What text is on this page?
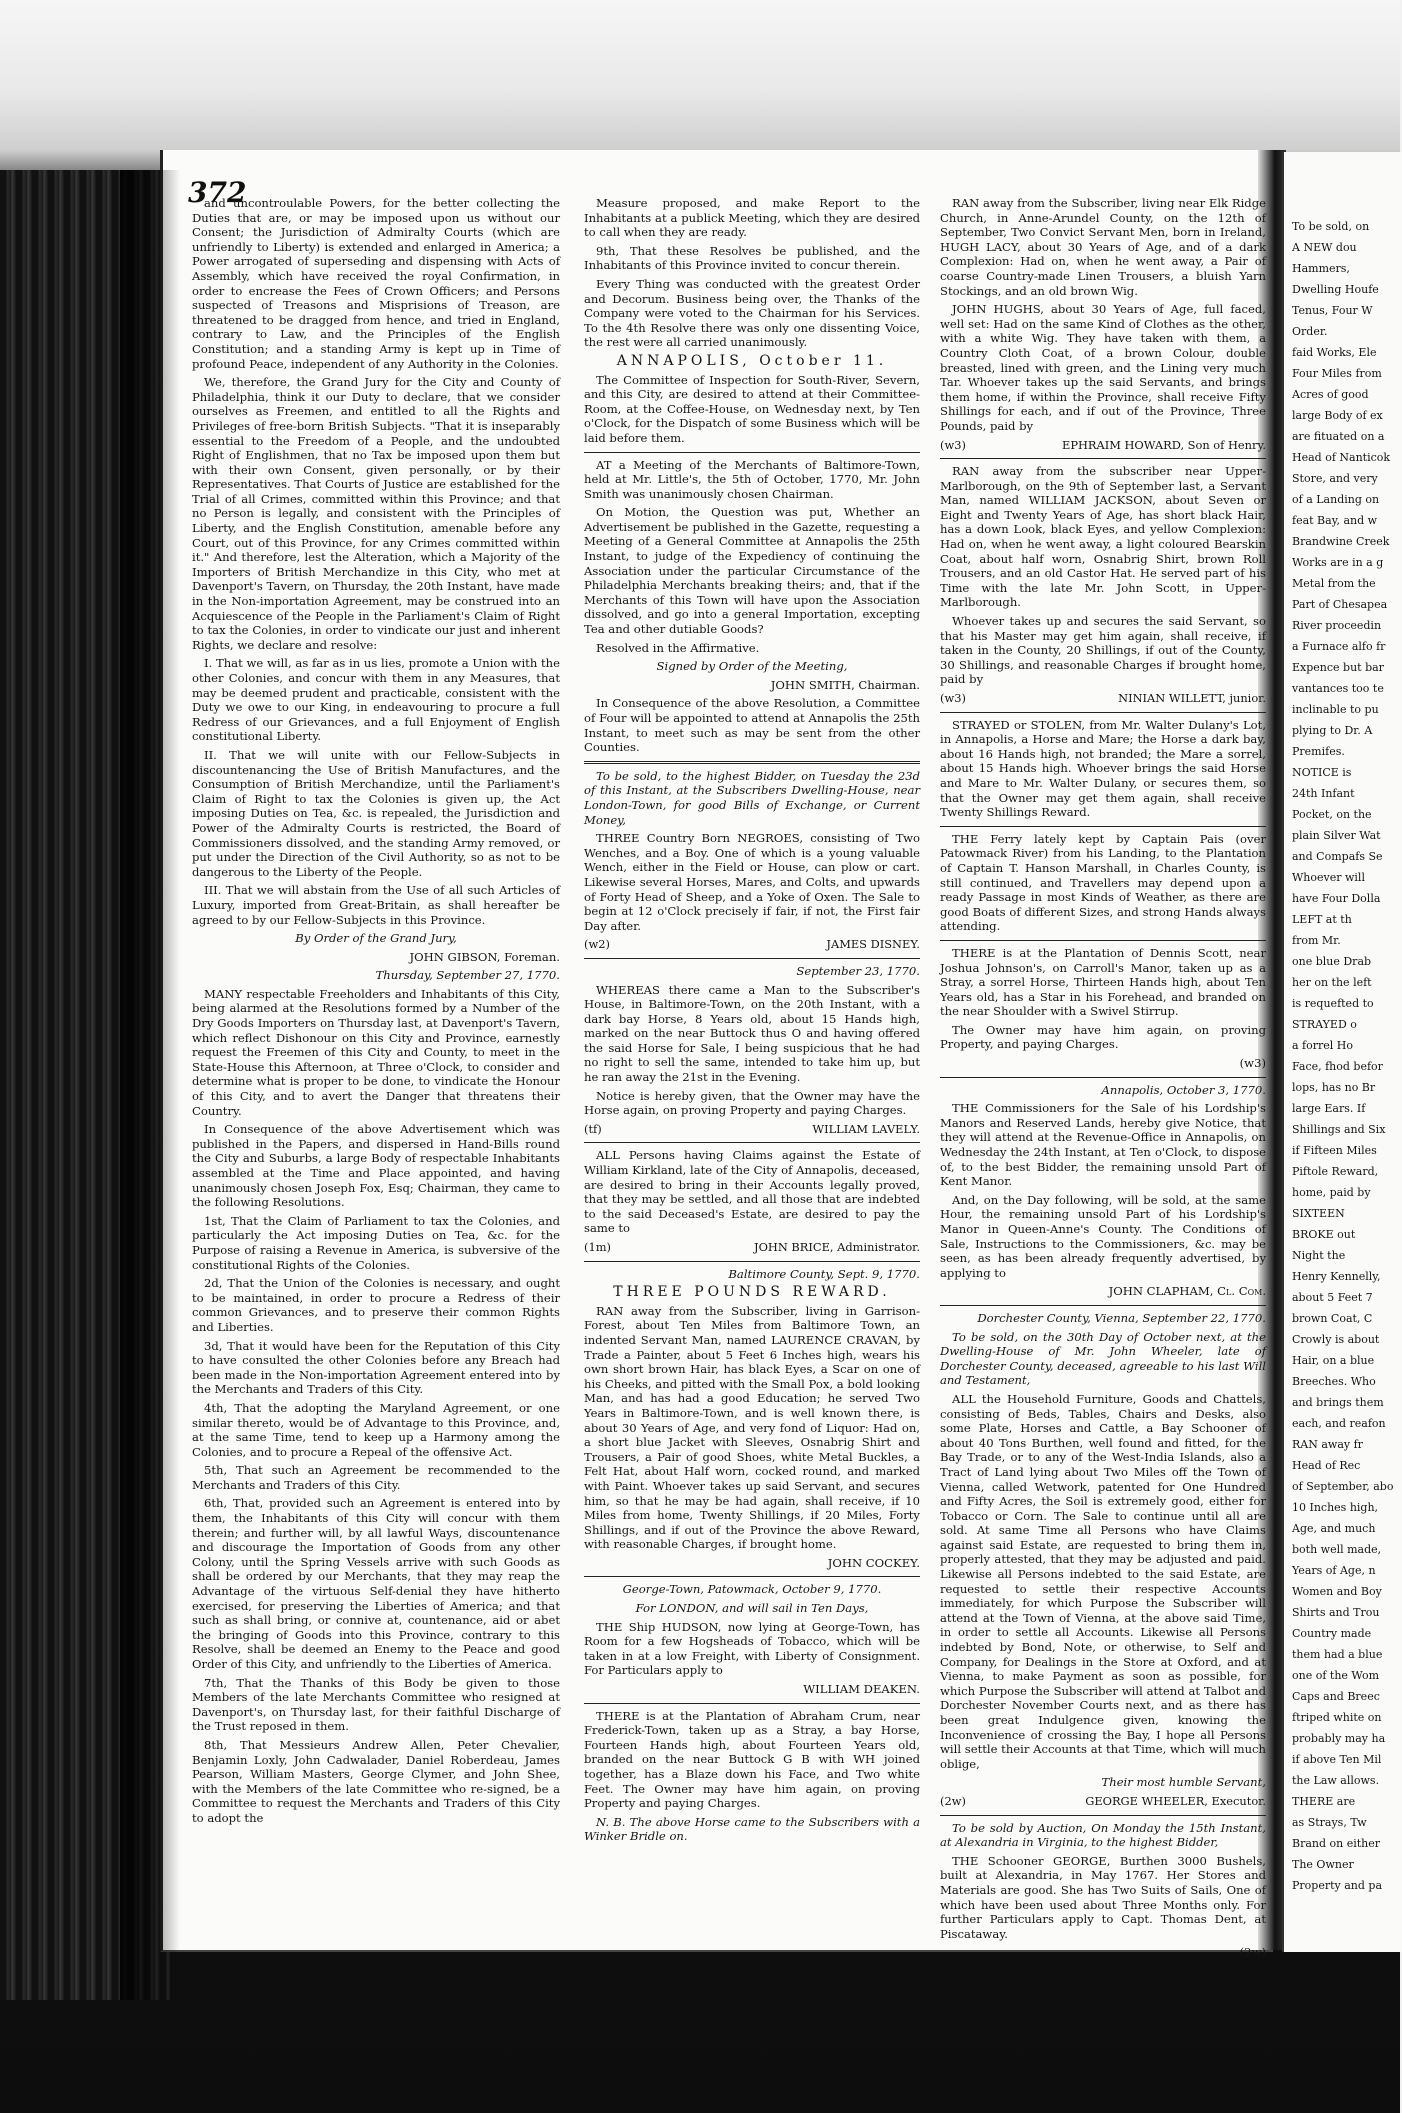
372

and uncontroulable Powers, for the better collecting the Duties that are, or may be imposed upon us without our Consent; the Jurisdiction of Admiralty Courts (which are unfriendly to Liberty) is extended and enlarged in America; a Power arrogated of superseding and dispensing with Acts of Assembly, which have received the royal Confirmation, in order to encrease the Fees of Crown Officers; and Persons suspected of Treasons and Misprisions of Treason, are threatened to be dragged from hence, and tried in England, contrary to Law, and the Principles of the English Constitution; and a standing Army is kept up in Time of profound Peace, independent of any Authority in the Colonies.

We, therefore, the Grand Jury for the City and County of Philadelphia, think it our Duty to declare, that we consider ourselves as Freemen, and entitled to all the Rights and Privileges of free-born British Subjects. "That it is inseparably essential to the Freedom of a People, and the undoubted Right of Englishmen, that no Tax be imposed upon them but with their own Consent, given personally, or by their Representatives. That Courts of Justice are established for the Trial of all Crimes, committed within this Province; and that no Person is legally, and consistent with the Principles of Liberty, and the English Constitution, amenable before any Court, out of this Province, for any Crimes committed within it." And therefore, lest the Alteration, which a Majority of the Importers of British Merchandize in this City, who met at Davenport's Tavern, on Thursday, the 20th Instant, have made in the Non-importation Agreement, may be construed into an Acquiescence of the People in the Parliament's Claim of Right to tax the Colonies, in order to vindicate our just and inherent Rights, we declare and resolve:

I. That we will, as far as in us lies, promote a Union with the other Colonies, and concur with them in any Measures, that may be deemed prudent and practicable, consistent with the Duty we owe to our King, in endeavouring to procure a full Redress of our Grievances, and a full Enjoyment of English constitutional Liberty.

II. That we will unite with our Fellow-Subjects in discountenancing the Use of British Manufactures, and the Consumption of British Merchandize, until the Parliament's Claim of Right to tax the Colonies is given up, the Act imposing Duties on Tea, &c. is repealed, the Jurisdiction and Power of the Admiralty Courts is restricted, the Board of Commissioners dissolved, and the standing Army removed, or put under the Direction of the Civil Authority, so as not to be dangerous to the Liberty of the People.

III. That we will abstain from the Use of all such Articles of Luxury, imported from Great-Britain, as shall hereafter be agreed to by our Fellow-Subjects in this Province.

By Order of the Grand Jury,

JOHN GIBSON, Foreman.

Thursday, September 27, 1770.

MANY respectable Freeholders and Inhabitants of this City, being alarmed at the Resolutions formed by a Number of the Dry Goods Importers on Thursday last, at Davenport's Tavern, which reflect Dishonour on this City and Province, earnestly request the Freemen of this City and County, to meet in the State-House this Afternoon, at Three o'Clock, to consider and determine what is proper to be done, to vindicate the Honour of this City, and to avert the Danger that threatens their Country.

In Consequence of the above Advertisement which was published in the Papers, and dispersed in Hand-Bills round the City and Suburbs, a large Body of respectable Inhabitants assembled at the Time and Place appointed, and having unanimously chosen Joseph Fox, Esq; Chairman, they came to the following Resolutions.

1st, That the Claim of Parliament to tax the Colonies, and particularly the Act imposing Duties on Tea, &c. for the Purpose of raising a Revenue in America, is subversive of the constitutional Rights of the Colonies.

2d, That the Union of the Colonies is necessary, and ought to be maintained, in order to procure a Redress of their common Grievances, and to preserve their common Rights and Liberties.

3d, That it would have been for the Reputation of this City to have consulted the other Colonies before any Breach had been made in the Non-importation Agreement entered into by the Merchants and Traders of this City.

4th, That the adopting the Maryland Agreement, or one similar thereto, would be of Advantage to this Province, and, at the same Time, tend to keep up a Harmony among the Colonies, and to procure a Repeal of the offensive Act.

5th, That such an Agreement be recommended to the Merchants and Traders of this City.

6th, That, provided such an Agreement is entered into by them, the Inhabitants of this City will concur with them therein; and further will, by all lawful Ways, discountenance and discourage the Importation of Goods from any other Colony, until the Spring Vessels arrive with such Goods as shall be ordered by our Merchants, that they may reap the Advantage of the virtuous Self-denial they have hitherto exercised, for preserving the Liberties of America; and that such as shall bring, or connive at, countenance, aid or abet the bringing of Goods into this Province, contrary to this Resolve, shall be deemed an Enemy to the Peace and good Order of this City, and unfriendly to the Liberties of America.

7th, That the Thanks of this Body be given to those Members of the late Merchants Committee who resigned at Davenport's, on Thursday last, for their faithful Discharge of the Trust reposed in them.

8th, That Messieurs Andrew Allen, Peter Chevalier, Benjamin Loxly, John Cadwalader, Daniel Roberdeau, James Pearson, William Masters, George Clymer, and John Shee, with the Members of the late Committee who re-signed, be a Committee to request the Merchants and Traders of this City to adopt the

Measure proposed, and make Report to the Inhabitants at a publick Meeting, which they are desired to call when they are ready.

9th, That these Resolves be published, and the Inhabitants of this Province invited to concur therein.

Every Thing was conducted with the greatest Order and Decorum. Business being over, the Thanks of the Company were voted to the Chairman for his Services. To the 4th Resolve there was only one dissenting Voice, the rest were all carried unanimously.

ANNAPOLIS, October 11.

The Committee of Inspection for South-River, Severn, and this City, are desired to attend at their Committee-Room, at the Coffee-House, on Wednesday next, by Ten o'Clock, for the Dispatch of some Business which will be laid before them.

AT a Meeting of the Merchants of Baltimore-Town, held at Mr. Little's, the 5th of October, 1770, Mr. John Smith was unanimously chosen Chairman.

On Motion, the Question was put, Whether an Advertisement be published in the Gazette, requesting a Meeting of a General Committee at Annapolis the 25th Instant, to judge of the Expediency of continuing the Association under the particular Circumstance of the Philadelphia Merchants breaking theirs; and, that if the Merchants of this Town will have upon the Association dissolved, and go into a general Importation, excepting Tea and other dutiable Goods?

Resolved in the Affirmative.

Signed by Order of the Meeting,

JOHN SMITH, Chairman.

In Consequence of the above Resolution, a Committee of Four will be appointed to attend at Annapolis the 25th Instant, to meet such as may be sent from the other Counties.

To be sold, to the highest Bidder, on Tuesday the 23d of this Instant, at the Subscribers Dwelling-House, near London-Town, for good Bills of Exchange, or Current Money,

THREE Country Born NEGROES, consisting of Two Wenches, and a Boy. One of which is a young valuable Wench, either in the Field or House, can plow or cart. Likewise several Horses, Mares, and Colts, and upwards of Forty Head of Sheep, and a Yoke of Oxen. The Sale to begin at 12 o'Clock precisely if fair, if not, the First fair Day after.

(w2)	JAMES DISNEY.

September 23, 1770.

WHEREAS there came a Man to the Subscriber's House, in Baltimore-Town, on the 20th Instant, with a dark bay Horse, 8 Years old, about 15 Hands high, marked on the near Buttock thus O and having offered the said Horse for Sale, I being suspicious that he had no right to sell the same, intended to take him up, but he ran away the 21st in the Evening.

Notice is hereby given, that the Owner may have the Horse again, on proving Property and paying Charges.

(tf)	WILLIAM LAVELY.

ALL Persons having Claims against the Estate of William Kirkland, late of the City of Annapolis, deceased, are desired to bring in their Accounts legally proved, that they may be settled, and all those that are indebted to the said Deceased's Estate, are desired to pay the same to

(1m)	JOHN BRICE, Administrator.

Baltimore County, Sept. 9, 1770.

THREE POUNDS REWARD.

RAN away from the Subscriber, living in Garrison-Forest, about Ten Miles from Baltimore Town, an indented Servant Man, named LAURENCE CRAVAN, by Trade a Painter, about 5 Feet 6 Inches high, wears his own short brown Hair, has black Eyes, a Scar on one of his Cheeks, and pitted with the Small Pox, a bold looking Man, and has had a good Education; he served Two Years in Baltimore-Town, and is well known there, is about 30 Years of Age, and very fond of Liquor: Had on, a short blue Jacket with Sleeves, Osnabrig Shirt and Trousers, a Pair of good Shoes, white Metal Buckles, a Felt Hat, about Half worn, cocked round, and marked with Paint. Whoever takes up said Servant, and secures him, so that he may be had again, shall receive, if 10 Miles from home, Twenty Shillings, if 20 Miles, Forty Shillings, and if out of the Province the above Reward, with reasonable Charges, if brought home.

JOHN COCKEY.

George-Town, Patowmack, October 9, 1770.

For LONDON, and will sail in Ten Days,

THE Ship HUDSON, now lying at George-Town, has Room for a few Hogsheads of Tobacco, which will be taken in at a low Freight, with Liberty of Consignment. For Particulars apply to

WILLIAM DEAKEN.

THERE is at the Plantation of Abraham Crum, near Frederick-Town, taken up as a Stray, a bay Horse, Fourteen Hands high, about Fourteen Years old, branded on the near Buttock G B with WH joined together, has a Blaze down his Face, and Two white Feet. The Owner may have him again, on proving Property and paying Charges.

N. B. The above Horse came to the Subscribers with a Winker Bridle on.

RAN away from the Subscriber, living near Elk Ridge Church, in Anne-Arundel County, on the 12th of September, Two Convict Servant Men, born in Ireland, HUGH LACY, about 30 Years of Age, and of a dark Complexion: Had on, when he went away, a Pair of coarse Country-made Linen Trousers, a bluish Yarn Stockings, and an old brown Wig.

JOHN HUGHS, about 30 Years of Age, full faced, well set: Had on the same Kind of Clothes as the other, with a white Wig. They have taken with them, a Country Cloth Coat, of a brown Colour, double breasted, lined with green, and the Lining very much Tar. Whoever takes up the said Servants, and brings them home, if within the Province, shall receive Fifty Shillings for each, and if out of the Province, Three Pounds, paid by

(w3)	EPHRAIM HOWARD, Son of Henry.

RAN away from the subscriber near Upper-Marlborough, on the 9th of September last, a Servant Man, named WILLIAM JACKSON, about Seven or Eight and Twenty Years of Age, has short black Hair, has a down Look, black Eyes, and yellow Complexion: Had on, when he went away, a light coloured Bearskin Coat, about half worn, Osnabrig Shirt, brown Roll Trousers, and an old Castor Hat. He served part of his Time with the late Mr. John Scott, in Upper-Marlborough.

Whoever takes up and secures the said Servant, so that his Master may get him again, shall receive, if taken in the County, 20 Shillings, if out of the County, 30 Shillings, and reasonable Charges if brought home, paid by

(w3)	NINIAN WILLETT, junior.

STRAYED or STOLEN, from Mr. Walter Dulany's Lot, in Annapolis, a Horse and Mare; the Horse a dark bay, about 16 Hands high, not branded; the Mare a sorrel, about 15 Hands high. Whoever brings the said Horse and Mare to Mr. Walter Dulany, or secures them, so that the Owner may get them again, shall receive Twenty Shillings Reward.

THE Ferry lately kept by Captain Pais (over Patowmack River) from his Landing, to the Plantation of Captain T. Hanson Marshall, in Charles County, is still continued, and Travellers may depend upon a ready Passage in most Kinds of Weather, as there are good Boats of different Sizes, and strong Hands always attending.

THERE is at the Plantation of Dennis Scott, near Joshua Johnson's, on Carroll's Manor, taken up as a Stray, a sorrel Horse, Thirteen Hands high, about Ten Years old, has a Star in his Forehead, and branded on the near Shoulder with a Swivel Stirrup.

The Owner may have him again, on proving Property, and paying Charges.

(w3)

Annapolis, October 3, 1770.

THE Commissioners for the Sale of his Lordship's Manors and Reserved Lands, hereby give Notice, that they will attend at the Revenue-Office in Annapolis, on Wednesday the 24th Instant, at Ten o'Clock, to dispose of, to the best Bidder, the remaining unsold Part of Kent Manor.

And, on the Day following, will be sold, at the same Hour, the remaining unsold Part of his Lordship's Manor in Queen-Anne's County. The Conditions of Sale, Instructions to the Commissioners, &c. may be seen, as has been already frequently advertised, by applying to

JOHN CLAPHAM, Cl. Com.

Dorchester County, Vienna, September 22, 1770.

To be sold, on the 30th Day of October next, at the Dwelling-House of Mr. John Wheeler, late of Dorchester County, deceased, agreeable to his last Will and Testament,

ALL the Household Furniture, Goods and Chattels, consisting of Beds, Tables, Chairs and Desks, also some Plate, Horses and Cattle, a Bay Schooner of about 40 Tons Burthen, well found and fitted, for the Bay Trade, or to any of the West-India Islands, also a Tract of Land lying about Two Miles off the Town of Vienna, called Wetwork, patented for One Hundred and Fifty Acres, the Soil is extremely good, either for Tobacco or Corn. The Sale to continue until all are sold. At same Time all Persons who have Claims against said Estate, are requested to bring them in, properly attested, that they may be adjusted and paid. Likewise all Persons indebted to the said Estate, are requested to settle their respective Accounts immediately, for which Purpose the Subscriber will attend at the Town of Vienna, at the above said Time, in order to settle all Accounts. Likewise all Persons indebted by Bond, Note, or otherwise, to Self and Company, for Dealings in the Store at Oxford, and at Vienna, to make Payment as soon as possible, for which Purpose the Subscriber will attend at Talbot and Dorchester November Courts next, and as there has been great Indulgence given, knowing the Inconvenience of crossing the Bay, I hope all Persons will settle their Accounts at that Time, which will much oblige,

Their most humble Servant,

(2w)	GEORGE WHEELER, Executor.

To be sold by Auction, On Monday the 15th Instant, at Alexandria in Virginia, to the highest Bidder,

THE Schooner GEORGE, Burthen 3000 Bushels, built at Alexandria, in May 1767. Her Stores and Materials are good. She has Two Suits of Sails, One of which have been used about Three Months only. For further Particulars apply to Capt. Thomas Dent, at Piscataway.

(2w)

To be sold, on
A NEW dou
Hammers,
Dwelling Houfe
Tenus, Four W
Order.
faid Works, Ele
Four Miles from
Acres of good
large Body of ex
are fituated on a
Head of Nanticok
Store, and very
of a Landing on
feat Bay, and w
Brandwine Creek
Works are in a g
Metal from the
Part of Chesapea
River proceedin
a Furnace alfo fr
Expence but bar
vantances too te
inclinable to pu
plying to Dr. A
Premifes.
NOTICE is
24th Infant
Pocket, on the
plain Silver Wat
and Compafs Se
Whoever will
have Four Dolla
LEFT at th
from Mr.
one blue Drab
her on the left
is requefted to
STRAYED o
a forrel Ho
Face, fhod befor
lops, has no Br
large Ears. If
Shillings and Six
if Fifteen Miles
Piftole Reward,
home, paid by
SIXTEEN
BROKE out
Night the
Henry Kennelly,
about 5 Feet 7
brown Coat, C
Crowly is about
Hair, on a blue
Breeches. Who
and brings them
each, and reafon
RAN away fr
Head of Rec
of September, abo
10 Inches high,
Age, and much
both well made,
Years of Age, n
Women and Boy
Shirts and Trou
Country made
them had a blue
one of the Wom
Caps and Breec
ftriped white on
probably may ha
if above Ten Mil
the Law allows.
THERE are
as Strays, Tw
Brand on either
The Owner
Property and pa
